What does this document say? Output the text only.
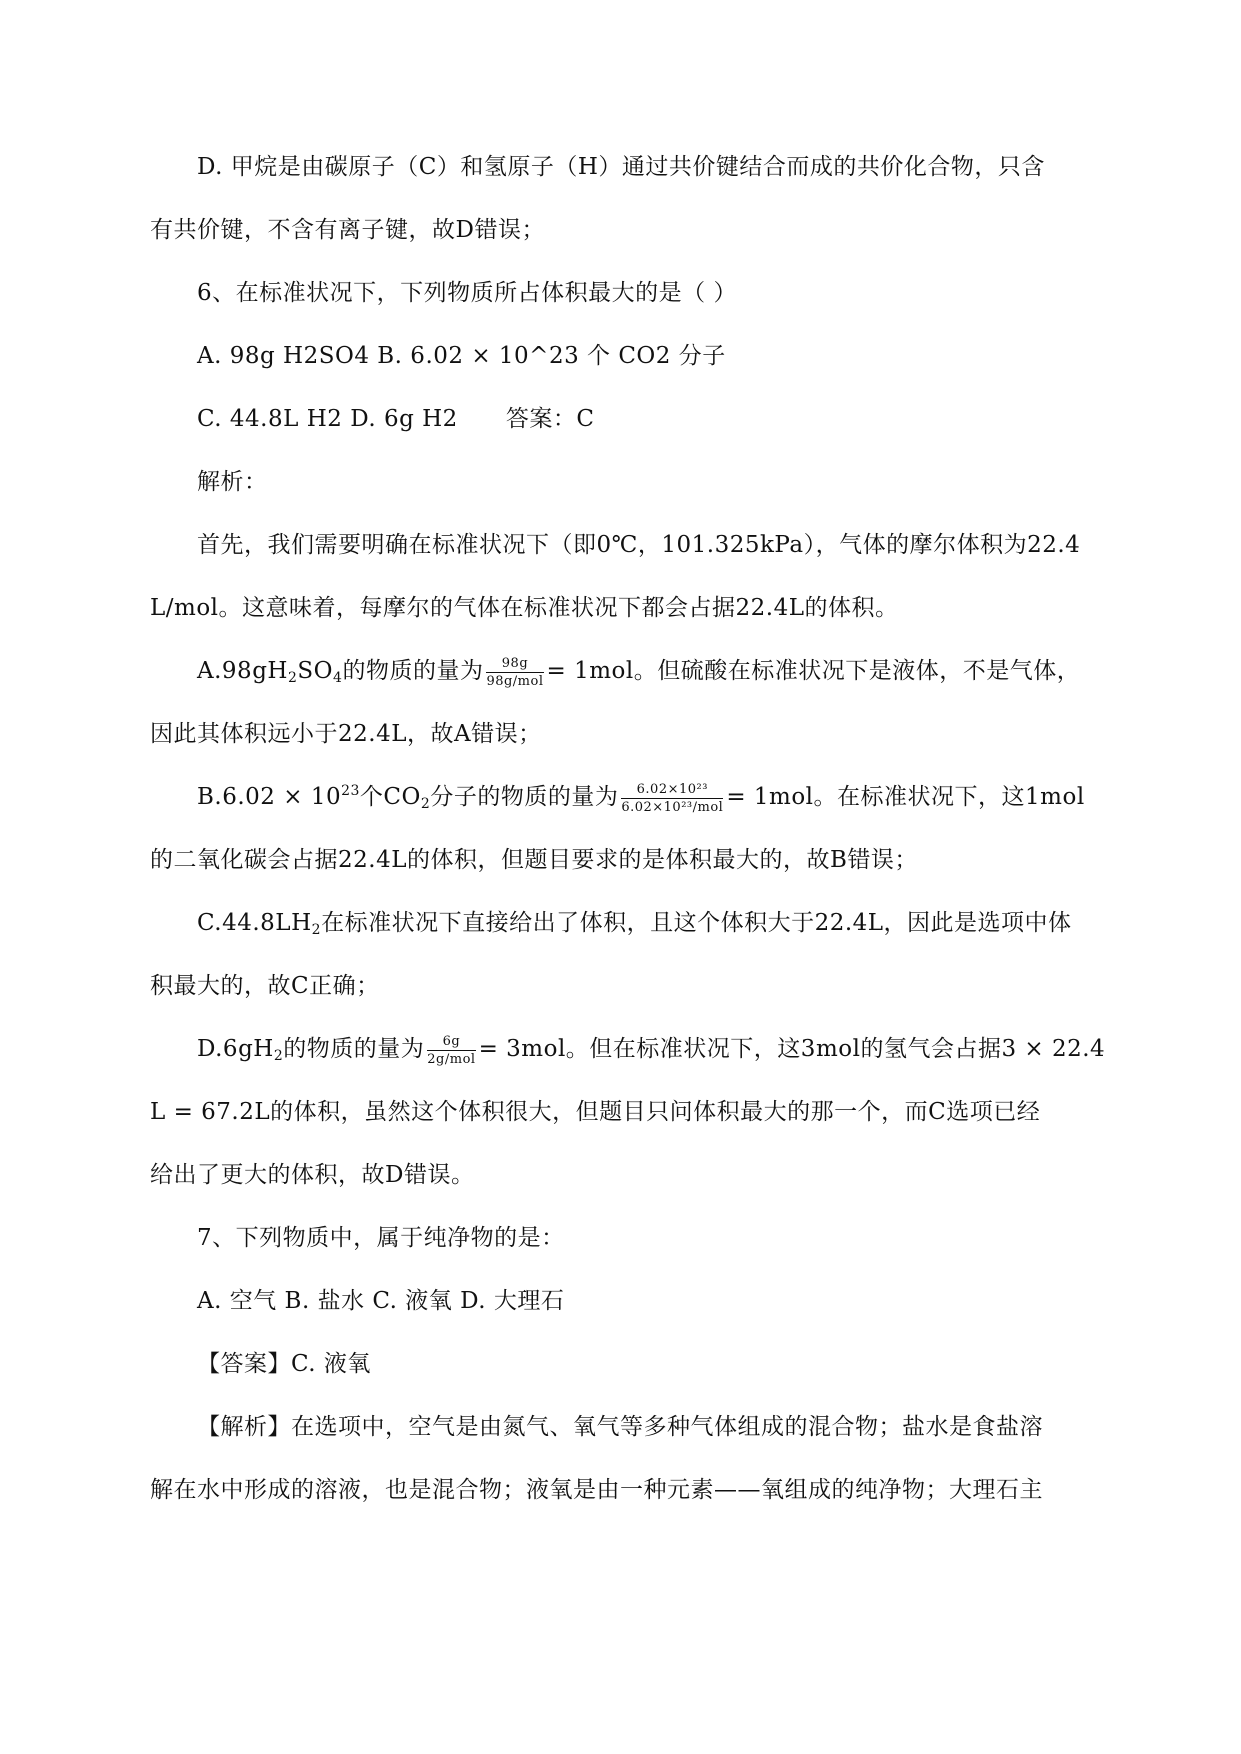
D. 甲烷是由碳原子（C）和氢原子（H）通过共价键结合而成的共价化合物，只含
有共价键，不含有离子键，故D错误；
6、在标准状况下，下列物质所占体积最大的是（ ）
A. 98g H2SO4 B. 6.02 × 10^23 个 CO2 分子
C. 44.8L H2 D. 6g H2 答案：C
解析：
首先，我们需要明确在标准状况下（即0℃，101.325kPa），气体的摩尔体积为22.4
L/mol。这意味着，每摩尔的气体在标准状况下都会占据22.4L的体积。
$A.98gH_2SO_4$的物质的量为 $\frac{98g}{\text{98g/mol}} = 1mol$。但硫酸在标准状况下是液体，不是气体，
因此其体积远小于22.4L，故A错误；
$B.6.02 \times 10^{23}$个$CO_2$分子的物质的量为 $\frac{\text{6.02×10²³}}{\text{6.02×10²³/mol}} = 1mol$。在标准状况下，这1mol
的二氧化碳会占据22.4L的体积，但题目要求的是体积最大的，故B错误；
$C.44.8LH_2$在标准状况下直接给出了体积，且这个体积大于22.4L，因此是选项中体
积最大的，故C正确；
$D.6gH_2$的物质的量为 $\frac{6g}{\text{2g/mol}} = 3mol$。但在标准状况下，这3mol的氢气会占据3 × 22.4
L = 67.2L的体积，虽然这个体积很大，但题目只问体积最大的那一个，而C选项已经
给出了更大的体积，故D错误。
7、下列物质中，属于纯净物的是：
A. 空气 B. 盐水 C. 液氧 D. 大理石
【答案】C. 液氧
【解析】在选项中，空气是由氮气、氧气等多种气体组成的混合物；盐水是食盐溶
解在水中形成的溶液，也是混合物；液氧是由一种元素——氧组成的纯净物；大理石主
